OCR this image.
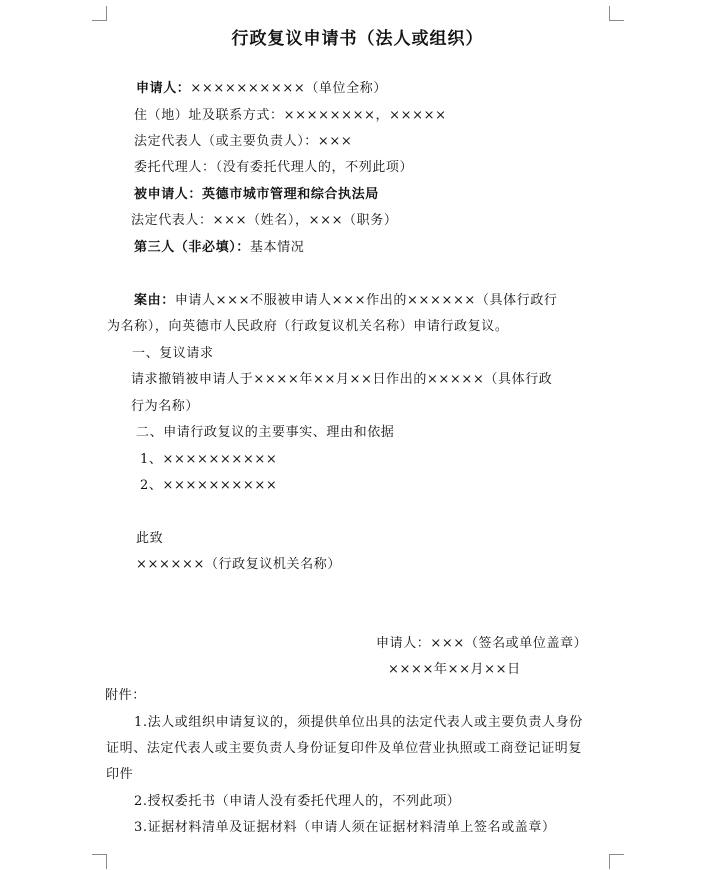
行政复议申请书（法人或组织）
申请人：××××××××××（单位全称）
住（地）址及联系方式：××××××××，×××××
法定代表人（或主要负责人）：×××
委托代理人：（没有委托代理人的，不列此项）
被申请人：英德市城市管理和综合执法局
法定代表人：×××（姓名），×××（职务）
第三人（非必填）：基本情况
案由：申请人×××不服被申请人×××作出的××××××（具体行政行
为名称），向英德市人民政府（行政复议机关名称）申请行政复议。
一、复议请求
请求撤销被申请人于××××年××月××日作出的×××××（具体行政
行为名称）
二、申请行政复议的主要事实、理由和依据
1、××××××××××
2、××××××××××
此致
××××××（行政复议机关名称）
申请人：×××（签名或单位盖章）
××××年××月××日
附件：
1.法人或组织申请复议的，须提供单位出具的法定代表人或主要负责人身份
证明、法定代表人或主要负责人身份证复印件及单位营业执照或工商登记证明复
印件
2.授权委托书（申请人没有委托代理人的，不列此项）
3.证据材料清单及证据材料（申请人须在证据材料清单上签名或盖章）
